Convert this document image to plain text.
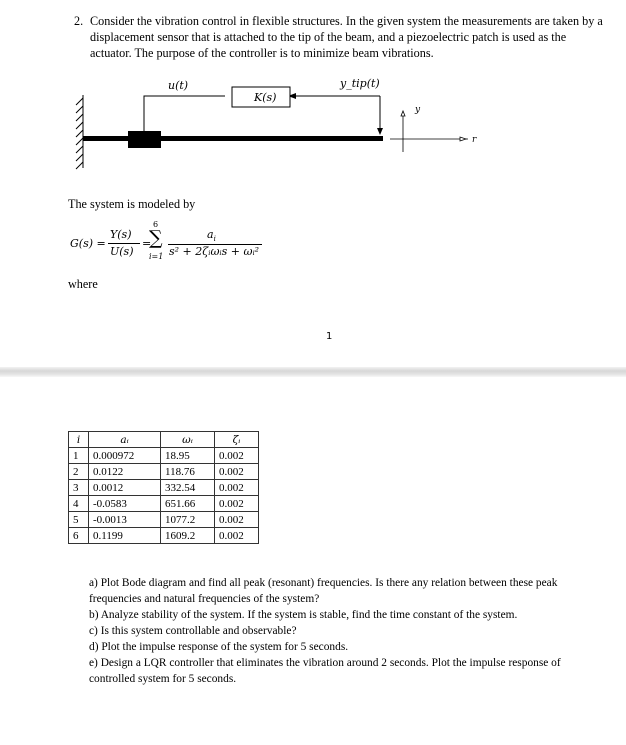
2. Consider the vibration control in flexible structures. In the given system the measurements are taken by a displacement sensor that is attached to the tip of the beam, and a piezoelectric patch is used as the actuator. The purpose of the controller is to minimize beam vibrations.
u(t)
K(s)
y_tip(t)
y
r
The system is modeled by
G(s) =
Y(s)
U(s)
=
6
∑
i=1
$a_i$
s² + 2ζᵢωᵢs + ωᵢ²
where
1
i	aᵢ	ωᵢ	ζᵢ
1	0.000972	18.95	0.002
2	0.0122	118.76	0.002
3	0.0012	332.54	0.002
4	-0.0583	651.66	0.002
5	-0.0013	1077.2	0.002
6	0.1199	1609.2	0.002
a) Plot Bode diagram and find all peak (resonant) frequencies. Is there any relation between these peak frequencies and natural frequencies of the system?
b) Analyze stability of the system. If the system is stable, find the time constant of the system.
c) Is this system controllable and observable?
d) Plot the impulse response of the system for 5 seconds.
e) Design a LQR controller that eliminates the vibration around 2 seconds. Plot the impulse response of controlled system for 5 seconds.
